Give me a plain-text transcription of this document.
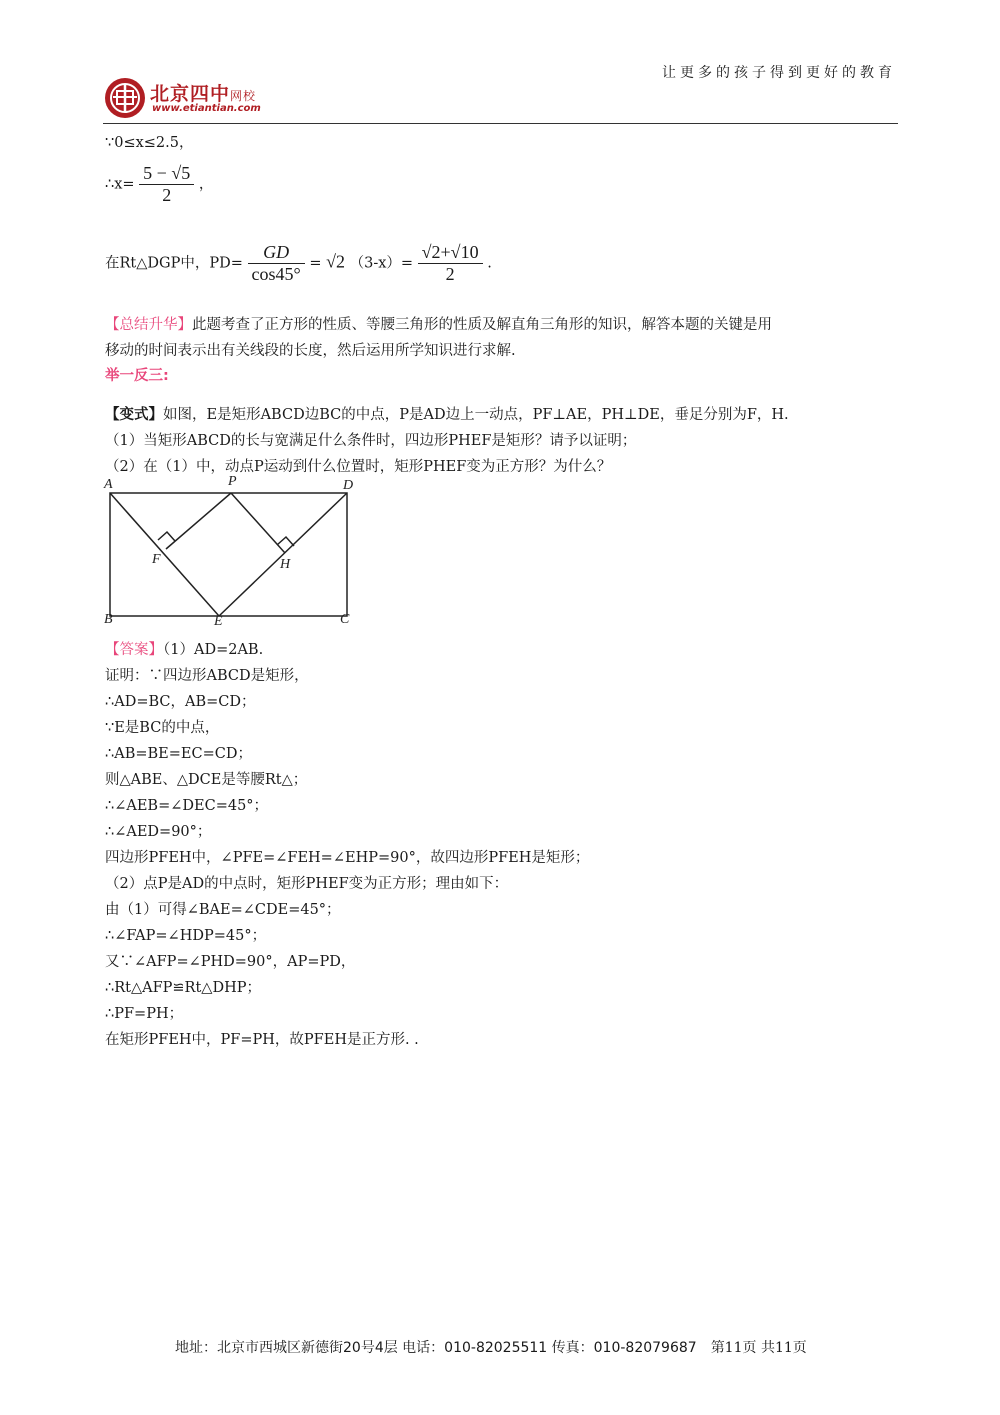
让更多的孩子得到更好的教育
北京四中网校
www.etiantian.com
∵0≤x≤2.5，
∴x= $\frac{5 - √5}{2}$ ，
在Rt△DGP中，$PD= \frac{GD}{\cos 45^\circ} = √2$ $(3-x)= \frac{√2+√10}{2}$ .
【总结升华】此题考查了正方形的性质、等腰三角形的性质及解直角三角形的知识，解答本题的关键是用
移动的时间表示出有关线段的长度，然后运用所学知识进行求解.
举一反三:
【变式】如图，E是矩形ABCD边BC的中点，P是AD边上一动点，PF⊥AE，PH⊥DE，垂足分别为F，H.
（1）当矩形ABCD的长与宽满足什么条件时，四边形PHEF是矩形？请予以证明；
（2）在（1）中，动点P运动到什么位置时，矩形PHEF变为正方形？为什么？
A	P	D
F	H
B	E	C
【答案】（1）AD=2AB.
证明：∵四边形ABCD是矩形，
∴AD=BC，AB=CD；
∵E是BC的中点，
∴AB=BE=EC=CD；
则△ABE、△DCE是等腰Rt△；
∴∠AEB=∠DEC=45°；
∴∠AED=90°；
四边形PFEH中，∠PFE=∠FEH=∠EHP=90°，故四边形PFEH是矩形；
（2）点P是AD的中点时，矩形PHEF变为正方形；理由如下：
由（1）可得∠BAE=∠CDE=45°；
∴∠FAP=∠HDP=45°；
又∵∠AFP=∠PHD=90°，AP=PD，
∴Rt△AFP≌Rt△DHP；
∴PF=PH；
在矩形PFEH中，PF=PH，故PFEH是正方形. .
地址：北京市西城区新德街20号4层 电话：010-82025511 传真：010-82079687 第11页 共11页
